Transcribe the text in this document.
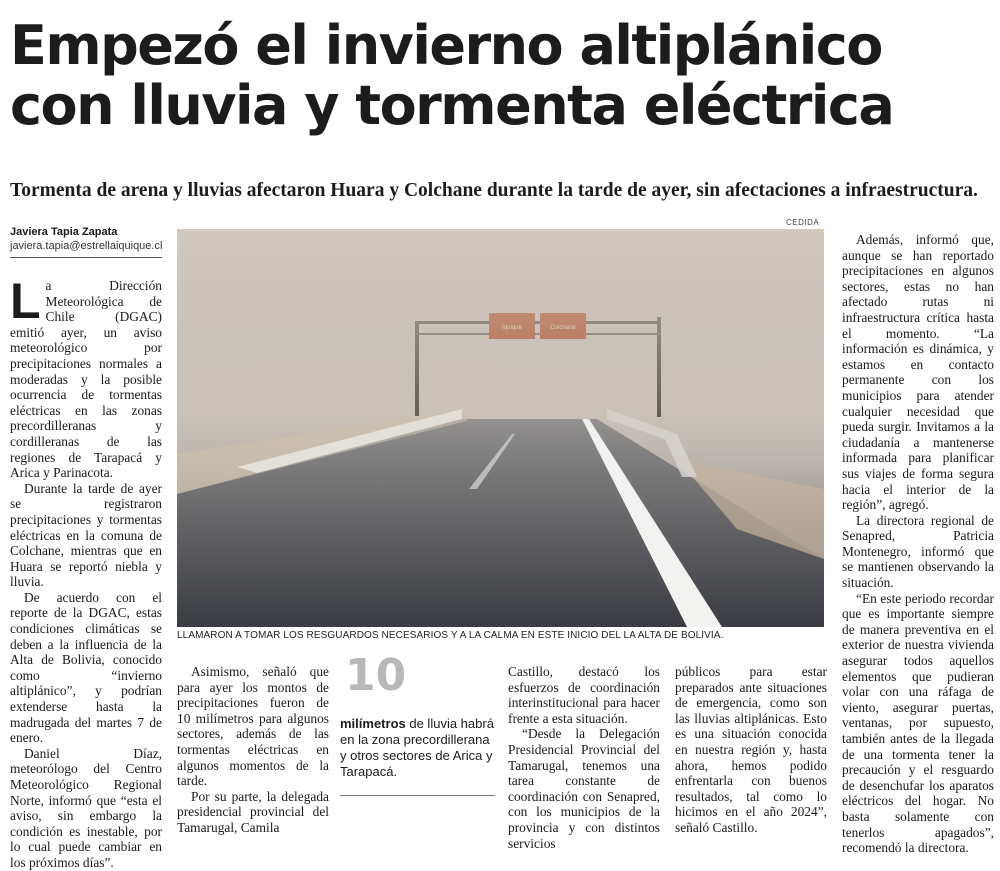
Empezó el invierno altiplánico con lluvia y tormenta eléctrica

Tormenta de arena y lluvias afectaron Huara y Colchane durante la tarde de ayer, sin afectaciones a infraestructura.

Javiera Tapia Zapata
javiera.tapia@estrellaiquique.cl
CEDIDA

La Dirección Meteorológica de Chile (DGAC) emitió ayer, un aviso meteorológico por precipitaciones normales a moderadas y la posible ocurrencia de tormentas eléctricas en las zonas precordilleranas y cordilleranas de las regiones de Tarapacá y Arica y Parinacota.

Durante la tarde de ayer se registraron precipitaciones y tormentas eléctricas en la comuna de Colchane, mientras que en Huara se reportó niebla y lluvia.

De acuerdo con el reporte de la DGAC, estas condiciones climáticas se deben a la influencia de la Alta de Bolivia, conocido como “invierno altiplánico”, y podrían extenderse hasta la madrugada del martes 7 de enero.

Daniel Díaz, meteorólogo del Centro Meteorológico Regional Norte, informó que “esta el aviso, sin embargo la condición es inestable, por lo cual puede cambiar en los próximos días”.

LLAMARON A TOMAR LOS RESGUARDOS NECESARIOS Y A LA CALMA EN ESTE INICIO DEL LA ALTA DE BOLIVIA.

Asimismo, señaló que para ayer los montos de precipitaciones fueron de 10 milímetros para algunos sectores, además de las tormentas eléctricas en algunos momentos de la tarde.

Por su parte, la delegada presidencial provincial del Tamarugal, Camila

10
milímetros de lluvia habrá en la zona precordillerana y otros sectores de Arica y Tarapacá.

Castillo, destacó los esfuerzos de coordinación interinstitucional para hacer frente a esta situación.

“Desde la Delegación Presidencial Provincial del Tamarugal, tenemos una tarea constante de coordinación con Senapred, con los municipios de la provincia y con distintos servicios

públicos para estar preparados ante situaciones de emergencia, como son las lluvias altiplánicas. Esto es una situación conocida en nuestra región y, hasta ahora, hemos podido enfrentarla con buenos resultados, tal como lo hicimos en el año 2024”, señaló Castillo.

Además, informó que, aunque se han reportado precipitaciones en algunos sectores, estas no han afectado rutas ni infraestructura crítica hasta el momento. “La información es dinámica, y estamos en contacto permanente con los municipios para atender cualquier necesidad que pueda surgir. Invitamos a la ciudadanía a mantenerse informada para planificar sus viajes de forma segura hacia el interior de la región”, agregó.

La directora regional de Senapred, Patricia Montenegro, informó que se mantienen observando la situación.

“En este periodo recordar que es importante siempre de manera preventiva en el exterior de nuestra vivienda asegurar todos aquellos elementos que pudieran volar con una ráfaga de viento, asegurar puertas, ventanas, por supuesto, también antes de la llegada de una tormenta tener la precaución y el resguardo de desenchufar los aparatos eléctricos del hogar. No basta solamente con tenerlos apagados”, recomendó la directora.
